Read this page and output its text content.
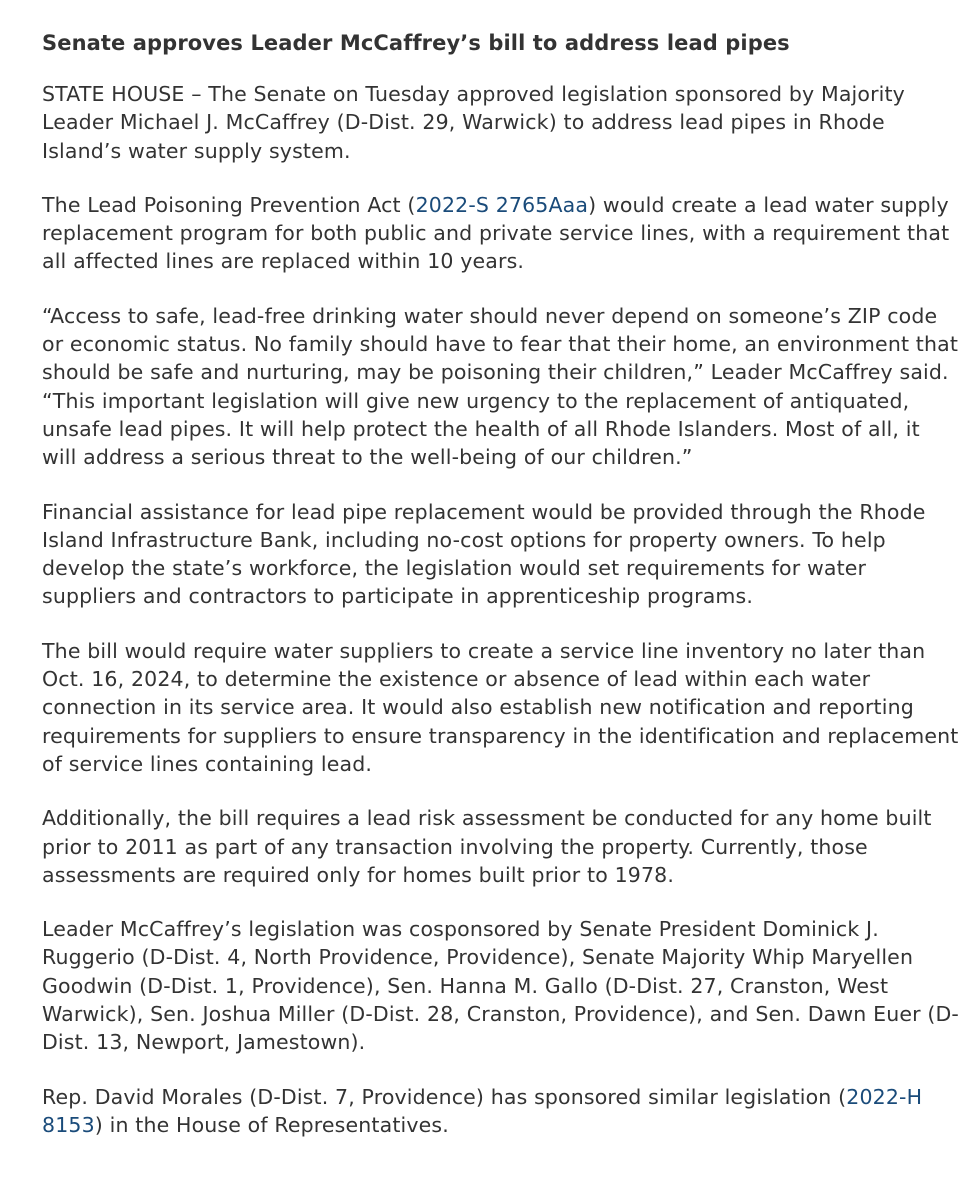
Senate approves Leader McCaffrey’s bill to address lead pipes

STATE HOUSE – The Senate on Tuesday approved legislation sponsored by Majority Leader Michael J. McCaffrey (D-Dist. 29, Warwick) to address lead pipes in Rhode Island’s water supply system.

The Lead Poisoning Prevention Act (2022-S 2765Aaa) would create a lead water supply replacement program for both public and private service lines, with a requirement that all affected lines are replaced within 10 years.

“Access to safe, lead-free drinking water should never depend on someone’s ZIP code or economic status. No family should have to fear that their home, an environment that should be safe and nurturing, may be poisoning their children,” Leader McCaffrey said. “This important legislation will give new urgency to the replacement of antiquated, unsafe lead pipes. It will help protect the health of all Rhode Islanders. Most of all, it will address a serious threat to the well-being of our children.”

Financial assistance for lead pipe replacement would be provided through the Rhode Island Infrastructure Bank, including no-cost options for property owners. To help develop the state’s workforce, the legislation would set requirements for water suppliers and contractors to participate in apprenticeship programs.

The bill would require water suppliers to create a service line inventory no later than Oct. 16, 2024, to determine the existence or absence of lead within each water connection in its service area. It would also establish new notification and reporting requirements for suppliers to ensure transparency in the identification and replacement of service lines containing lead.

Additionally, the bill requires a lead risk assessment be conducted for any home built prior to 2011 as part of any transaction involving the property. Currently, those assessments are required only for homes built prior to 1978.

Leader McCaffrey’s legislation was cosponsored by Senate President Dominick J. Ruggerio (D-Dist. 4, North Providence, Providence), Senate Majority Whip Maryellen Goodwin (D-Dist. 1, Providence), Sen. Hanna M. Gallo (D-Dist. 27, Cranston, West Warwick), Sen. Joshua Miller (D-Dist. 28, Cranston, Providence), and Sen. Dawn Euer (D-Dist. 13, Newport, Jamestown).

Rep. David Morales (D-Dist. 7, Providence) has sponsored similar legislation (2022-H 8153) in the House of Representatives.
